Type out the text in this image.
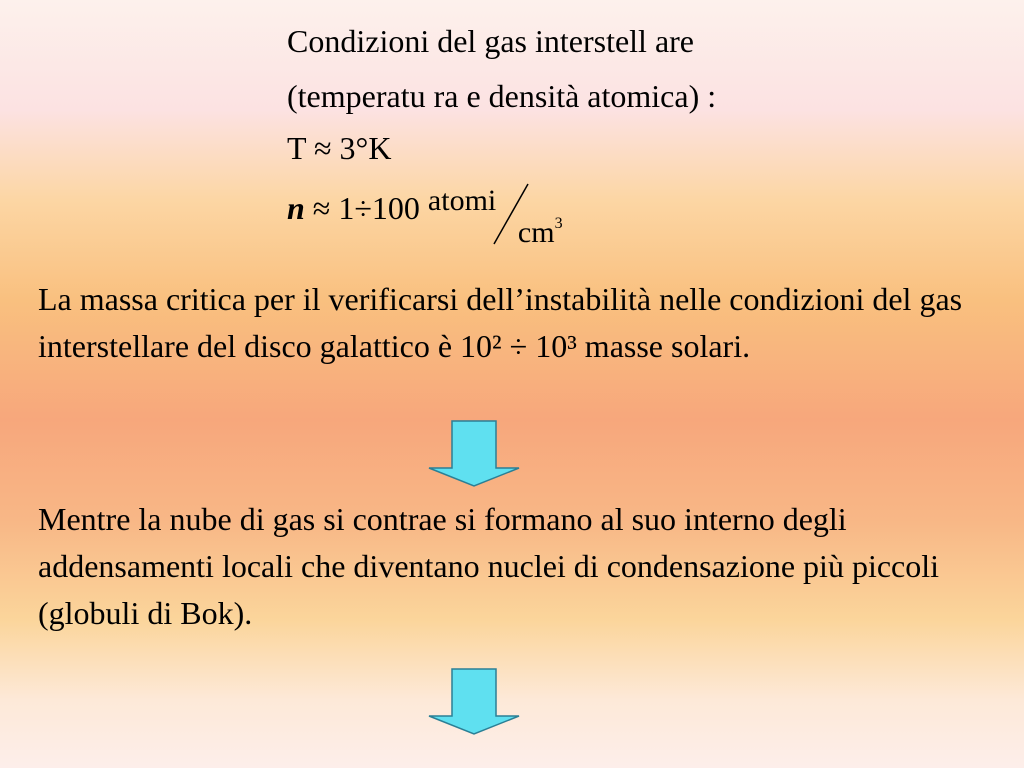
Condizioni del gas interstell are
(temperatu ra e densità atomica) :
T ≈ 3°K
n ≈ 1÷100 atomi
$cm^3$
La massa critica per il verificarsi dell’instabilità nelle condizioni del gas interstellare del disco galattico è 10² ÷ 10³ masse solari.
Mentre la nube di gas si contrae si formano al suo interno degli addensamenti locali che diventano nuclei di condensazione più piccoli (globuli di Bok).
